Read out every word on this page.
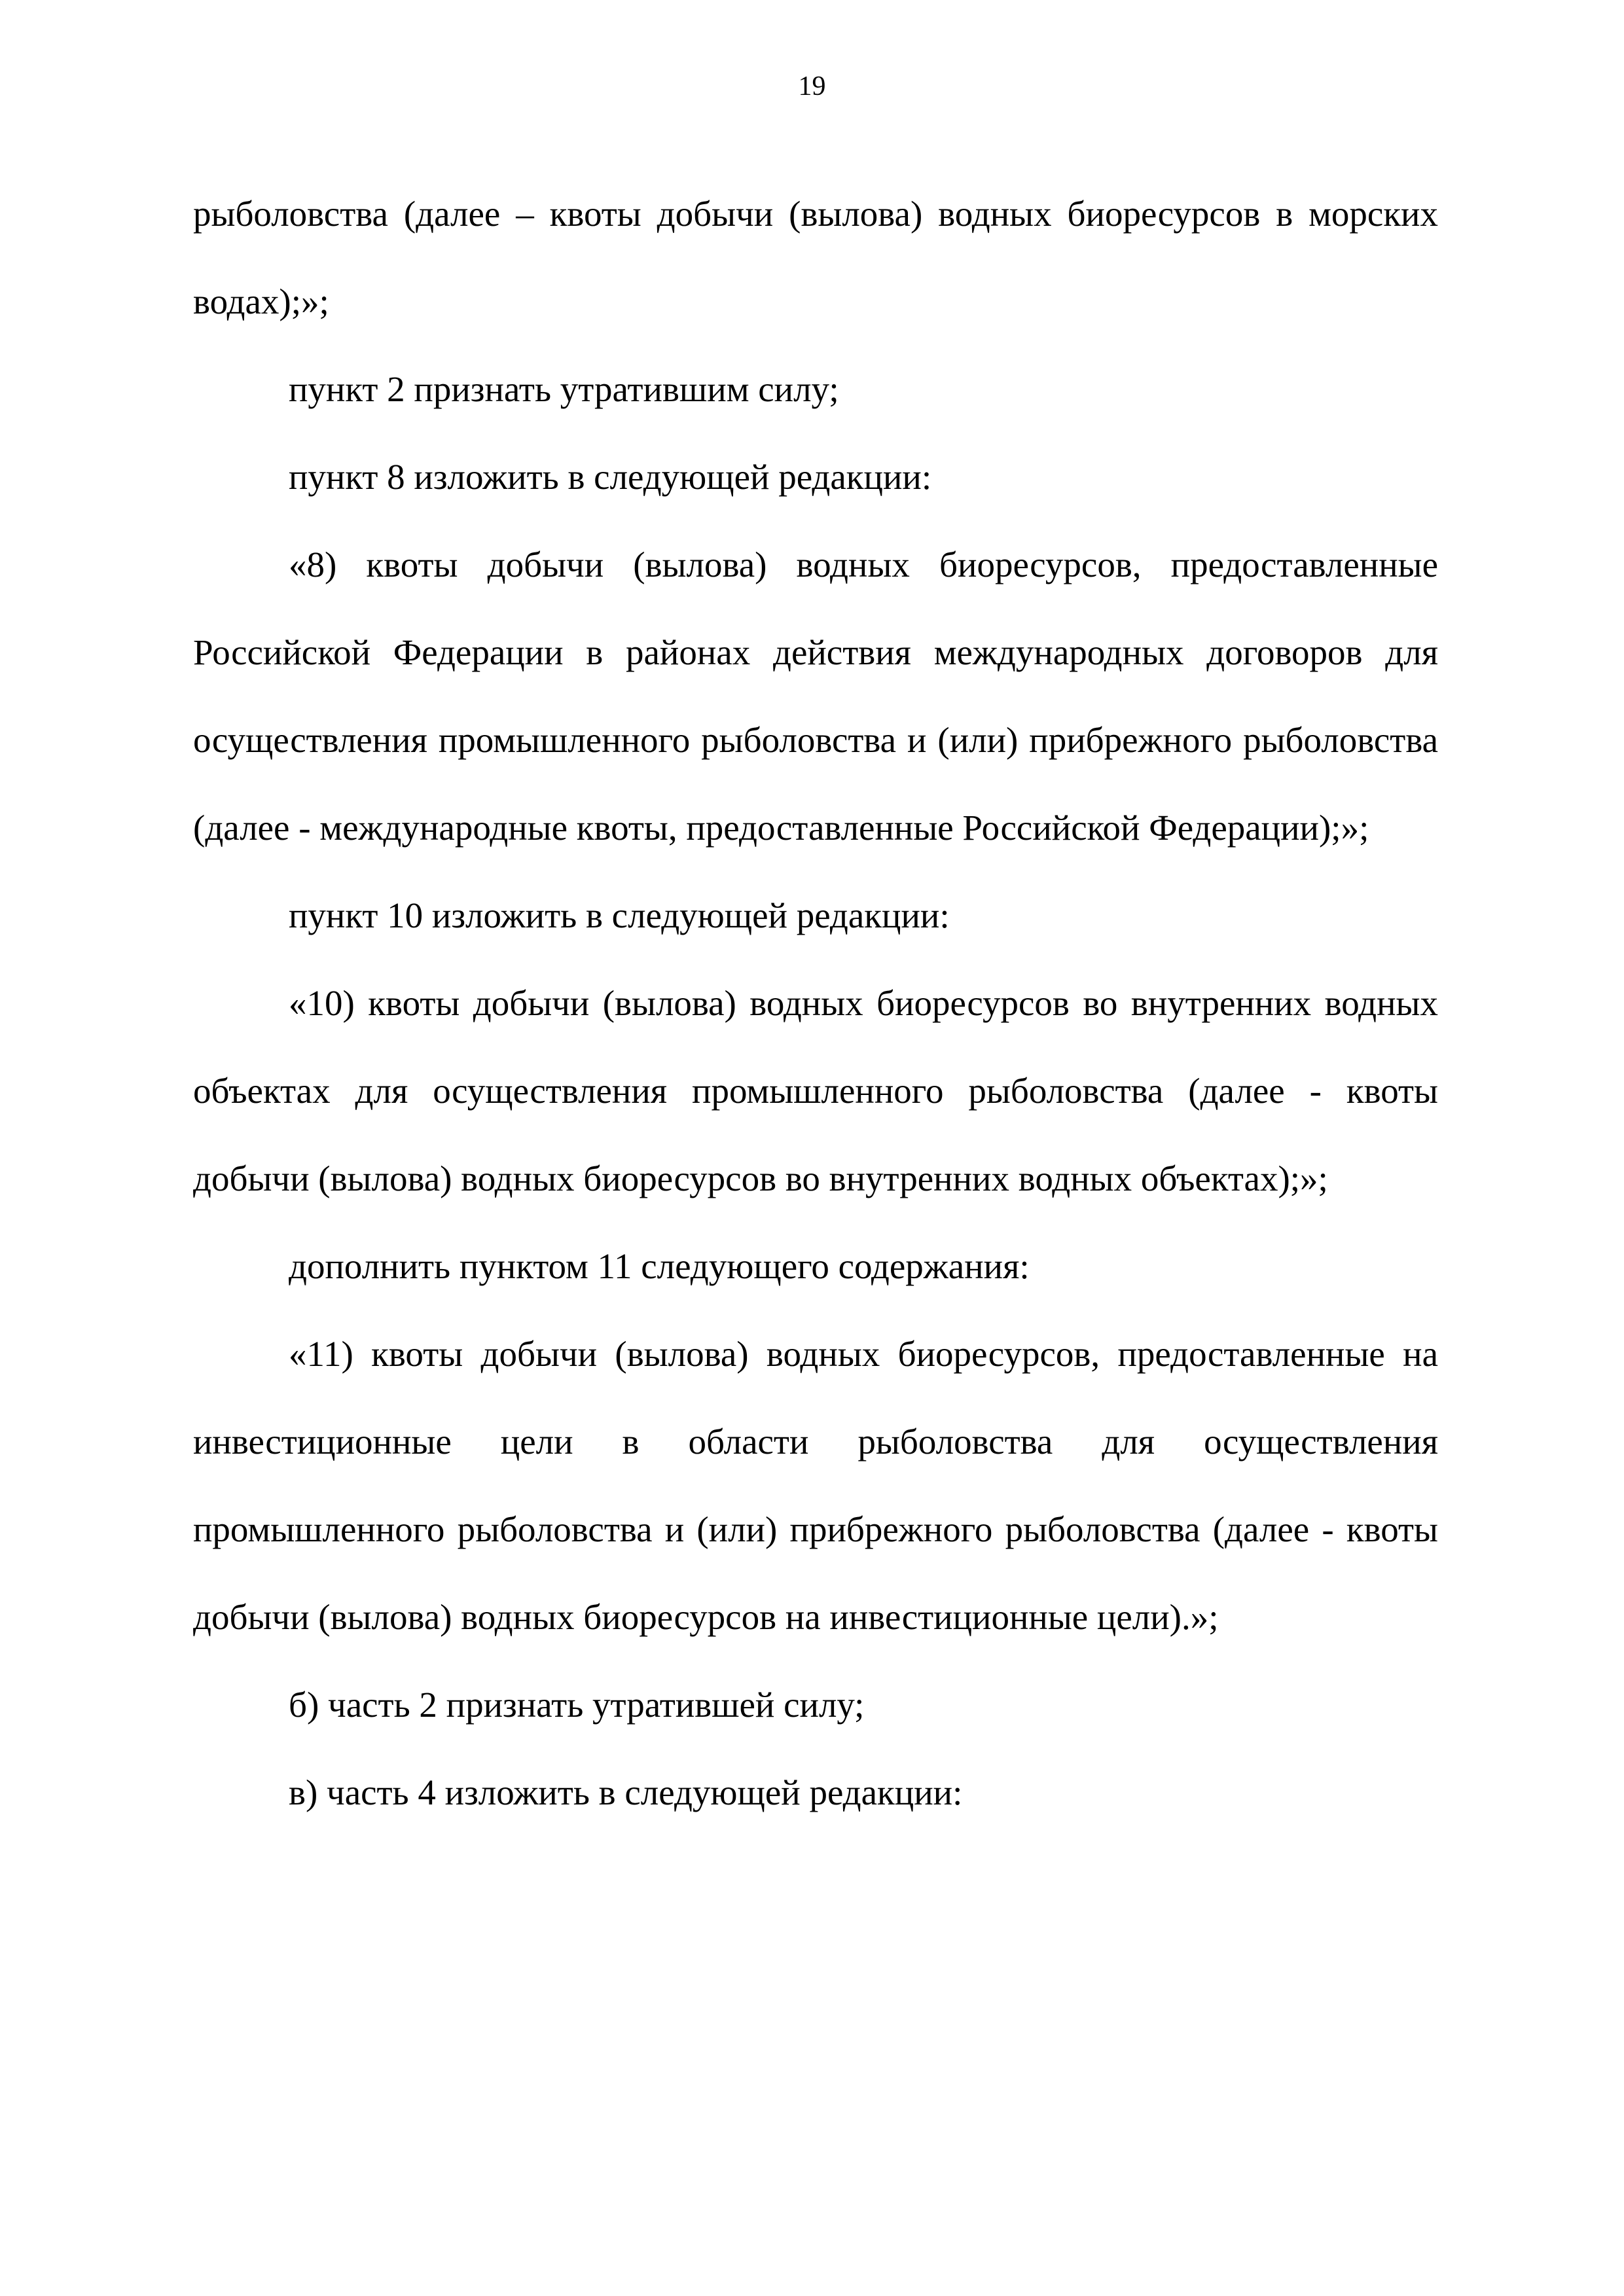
19

рыболовства (далее – квоты добычи (вылова) водных биоресурсов в морских водах);»;

пункт 2 признать утратившим силу;

пункт 8 изложить в следующей редакции:

«8) квоты добычи (вылова) водных биоресурсов, предоставленные Российской Федерации в районах действия международных договоров для осуществления промышленного рыболовства и (или) прибрежного рыболовства (далее - международные квоты, предоставленные Российской Федерации);»;

пункт 10 изложить в следующей редакции:

«10) квоты добычи (вылова) водных биоресурсов во внутренних водных объектах для осуществления промышленного рыболовства (далее - квоты добычи (вылова) водных биоресурсов во внутренних водных объектах);»;

дополнить пунктом 11 следующего содержания:

«11) квоты добычи (вылова) водных биоресурсов, предоставленные на инвестиционные цели в области рыболовства для осуществления промышленного рыболовства и (или) прибрежного рыболовства (далее - квоты добычи (вылова) водных биоресурсов на инвестиционные цели).»;

б) часть 2 признать утратившей силу;

в) часть 4 изложить в следующей редакции:
